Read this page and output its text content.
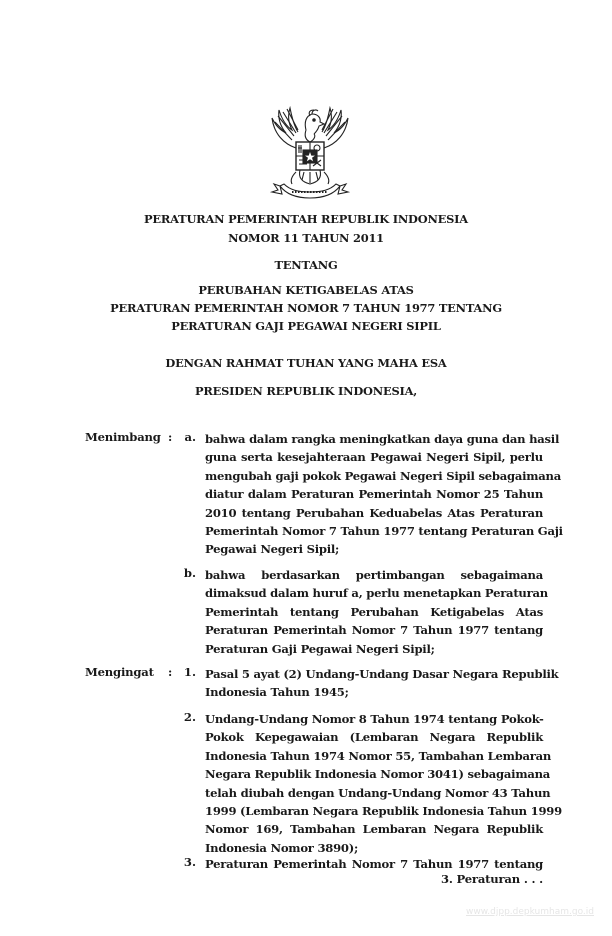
PERATURAN PEMERINTAH REPUBLIK INDONESIA
NOMOR 11 TAHUN 2011
TENTANG
PERUBAHAN KETIGABELAS ATAS
PERATURAN PEMERINTAH NOMOR 7 TAHUN 1977 TENTANG
PERATURAN GAJI PEGAWAI NEGERI SIPIL
DENGAN RAHMAT TUHAN YANG MAHA ESA
PRESIDEN REPUBLIK INDONESIA,
Menimbang :	a. bahwa dalam rangka meningkatkan daya guna dan hasil
guna serta kesejahteraan Pegawai Negeri Sipil, perlu
mengubah gaji pokok Pegawai Negeri Sipil sebagaimana
diatur dalam Peraturan Pemerintah Nomor 25 Tahun
2010 tentang Perubahan Keduabelas Atas Peraturan
Pemerintah Nomor 7 Tahun 1977 tentang Peraturan Gaji
Pegawai Negeri Sipil;
b. bahwa berdasarkan pertimbangan sebagaimana
dimaksud dalam huruf a, perlu menetapkan Peraturan
Pemerintah tentang Perubahan Ketigabelas Atas
Peraturan Pemerintah Nomor 7 Tahun 1977 tentang
Peraturan Gaji Pegawai Negeri Sipil;
Mengingat :	1. Pasal 5 ayat (2) Undang-Undang Dasar Negara Republik
Indonesia Tahun 1945;
2. Undang-Undang Nomor 8 Tahun 1974 tentang Pokok-
Pokok Kepegawaian (Lembaran Negara Republik
Indonesia Tahun 1974 Nomor 55, Tambahan Lembaran
Negara Republik Indonesia Nomor 3041) sebagaimana
telah diubah dengan Undang-Undang Nomor 43 Tahun
1999 (Lembaran Negara Republik Indonesia Tahun 1999
Nomor 169, Tambahan Lembaran Negara Republik
Indonesia Nomor 3890);
3. Peraturan Pemerintah Nomor 7 Tahun 1977 tentang
3. Peraturan . . .
www.djpp.depkumham.go.id
